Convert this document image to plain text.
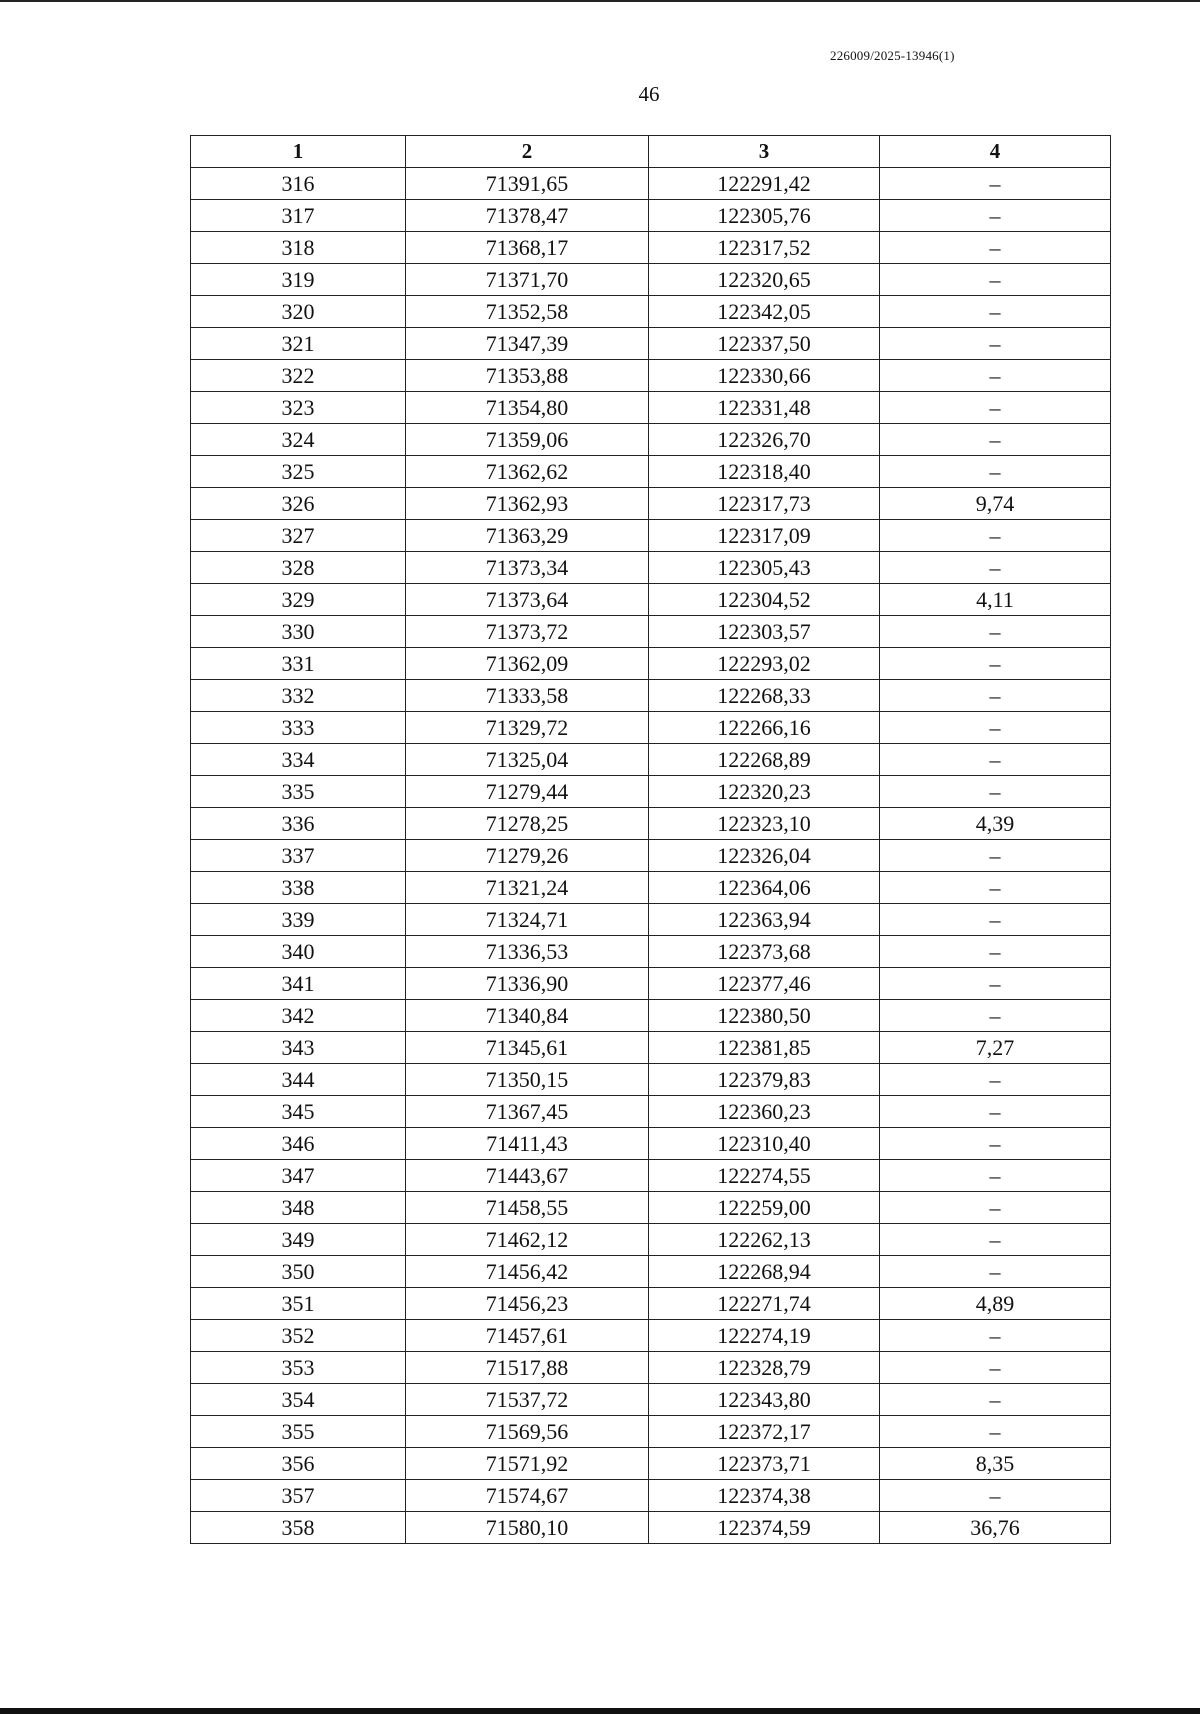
226009/2025-13946(1)
46
1	2	3	4
316	71391,65	122291,42	–
317	71378,47	122305,76	–
318	71368,17	122317,52	–
319	71371,70	122320,65	–
320	71352,58	122342,05	–
321	71347,39	122337,50	–
322	71353,88	122330,66	–
323	71354,80	122331,48	–
324	71359,06	122326,70	–
325	71362,62	122318,40	–
326	71362,93	122317,73	9,74
327	71363,29	122317,09	–
328	71373,34	122305,43	–
329	71373,64	122304,52	4,11
330	71373,72	122303,57	–
331	71362,09	122293,02	–
332	71333,58	122268,33	–
333	71329,72	122266,16	–
334	71325,04	122268,89	–
335	71279,44	122320,23	–
336	71278,25	122323,10	4,39
337	71279,26	122326,04	–
338	71321,24	122364,06	–
339	71324,71	122363,94	–
340	71336,53	122373,68	–
341	71336,90	122377,46	–
342	71340,84	122380,50	–
343	71345,61	122381,85	7,27
344	71350,15	122379,83	–
345	71367,45	122360,23	–
346	71411,43	122310,40	–
347	71443,67	122274,55	–
348	71458,55	122259,00	–
349	71462,12	122262,13	–
350	71456,42	122268,94	–
351	71456,23	122271,74	4,89
352	71457,61	122274,19	–
353	71517,88	122328,79	–
354	71537,72	122343,80	–
355	71569,56	122372,17	–
356	71571,92	122373,71	8,35
357	71574,67	122374,38	–
358	71580,10	122374,59	36,76
